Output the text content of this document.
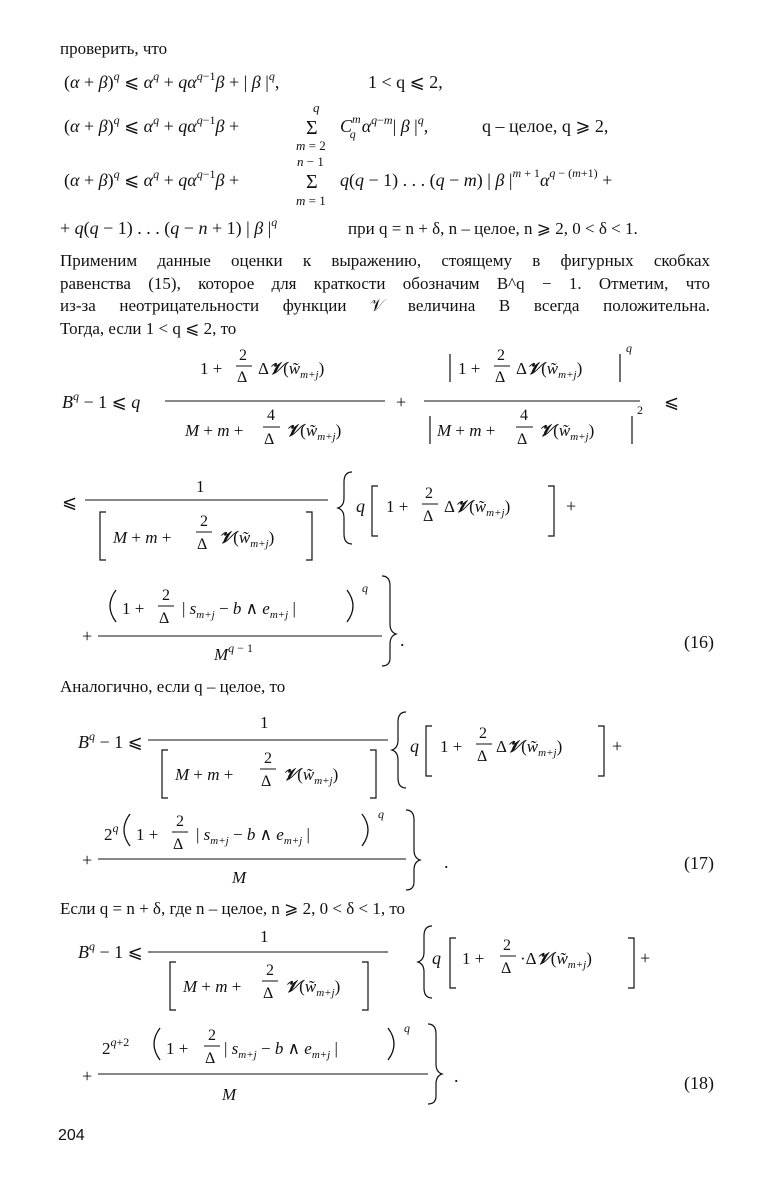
проверить, что
$(\alpha + \beta)^q$ ⩽ $\alpha^q + q\alpha^q-1\beta$ + | β $|^q$,	1 < q ⩽ 2,
$(\alpha + \beta)^q$ ⩽ $\alpha^q + q\alpha^q-1\beta$ +
q
Σ
m = 2
$C^m$ q $\alpha^q-m|$ β $|^q$,	q – целое, q ⩾ 2,
$(\alpha + \beta)^q$ ⩽ $\alpha^q + q\alpha^q-1\beta$ +
n − 1
Σ
m = 1
q(q − 1) . . . (q − m) | β $|^{m + 1}\alpha^{q - (m+1)}$ +
+ q(q − 1) . . . (q − n + 1) | β $|^q$	при q = n + δ, n – целое, n ⩾ 2, 0 < δ < 1.
Применим данные оценки к выражению, стоящему в фигурных скобках
равенства (15), которое для краткости обозначим B^q − 1. Отметим, что
из-за неотрицательности функции 𝒱 величина B всегда положительна.
Тогда, если 1 < q ⩽ 2, то
$B^q - 1$ ⩽ q
1 +
2
Δ $\Delta 𝒱(w̃_{m+j})$
M + m +
4
Δ $𝒱(w̃_{m+j})$
+
1 +
2
Δ $\Delta 𝒱(w̃_{m+j})$
q
M + m +
4
Δ $𝒱(w̃_{m+j})$
2 ⩽
⩽
1
M + m +
2
Δ $𝒱(w̃_{m+j})$
q 1 +
2
Δ
$\Delta 𝒱(w̃_{m+j})$	+
+
1 +
2
Δ
| $s_{m+j} - b$ ∧ $e_{m+j}$ |
q
$M^{q - 1}$	.	(16)
Аналогично, если q – целое, то
$B^q - 1$ ⩽
1
M + m +
2
Δ $𝒱(w̃_{m+j})$
q 1 +
2
Δ
$\Delta 𝒱(w̃_{m+j})$	+
+
$2^q$ 1 +
2
Δ
| $s_{m+j} - b$ ∧ $e_{m+j}$ |
q
M
.	(17)
Если q = n + δ, где n – целое, n ⩾ 2, 0 < δ < 1, то
$B^q - 1$ ⩽
1
M + m +
2
Δ $𝒱(w̃_{m+j})$
q 1 +
2
Δ
$\cdot\Delta 𝒱(w̃_{m+j})$	+
+
$2^{q+2}$ 1 +
2
Δ
| $s_{m+j} - b$ ∧ $e_{m+j}$ |
q
M
.	(18)
204
